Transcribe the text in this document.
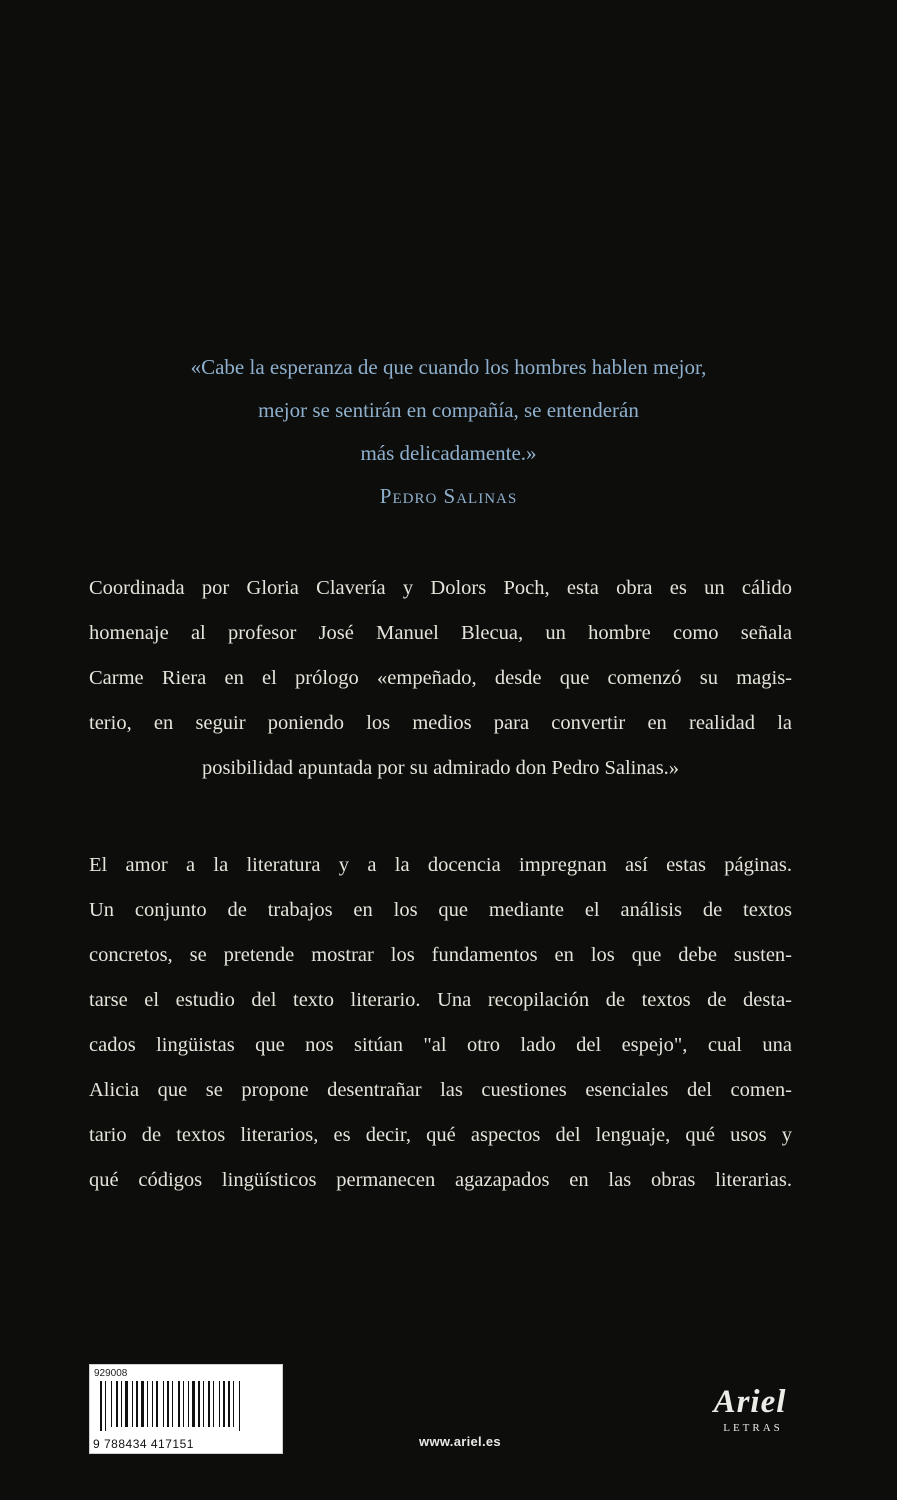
«Cabe la esperanza de que cuando los hombres hablen mejor,
mejor se sentirán en compañía, se entenderán
más delicadamente.»
Pedro Salinas
Coordinada por Gloria Clavería y Dolors Poch, esta obra es un cálido
homenaje al profesor José Manuel Blecua, un hombre como señala
Carme Riera en el prólogo «empeñado, desde que comenzó su magis-
terio, en seguir poniendo los medios para convertir en realidad la
posibilidad apuntada por su admirado don Pedro Salinas.»
El amor a la literatura y a la docencia impregnan así estas páginas.
Un conjunto de trabajos en los que mediante el análisis de textos
concretos, se pretende mostrar los fundamentos en los que debe susten-
tarse el estudio del texto literario. Una recopilación de textos de desta-
cados lingüistas que nos sitúan "al otro lado del espejo", cual una
Alicia que se propone desentrañar las cuestiones esenciales del comen-
tario de textos literarios, es decir, qué aspectos del lenguaje, qué usos y
qué códigos lingüísticos permanecen agazapados en las obras literarias.
929008
9 788434 417151	www.ariel.es
Ariel
LETRAS
